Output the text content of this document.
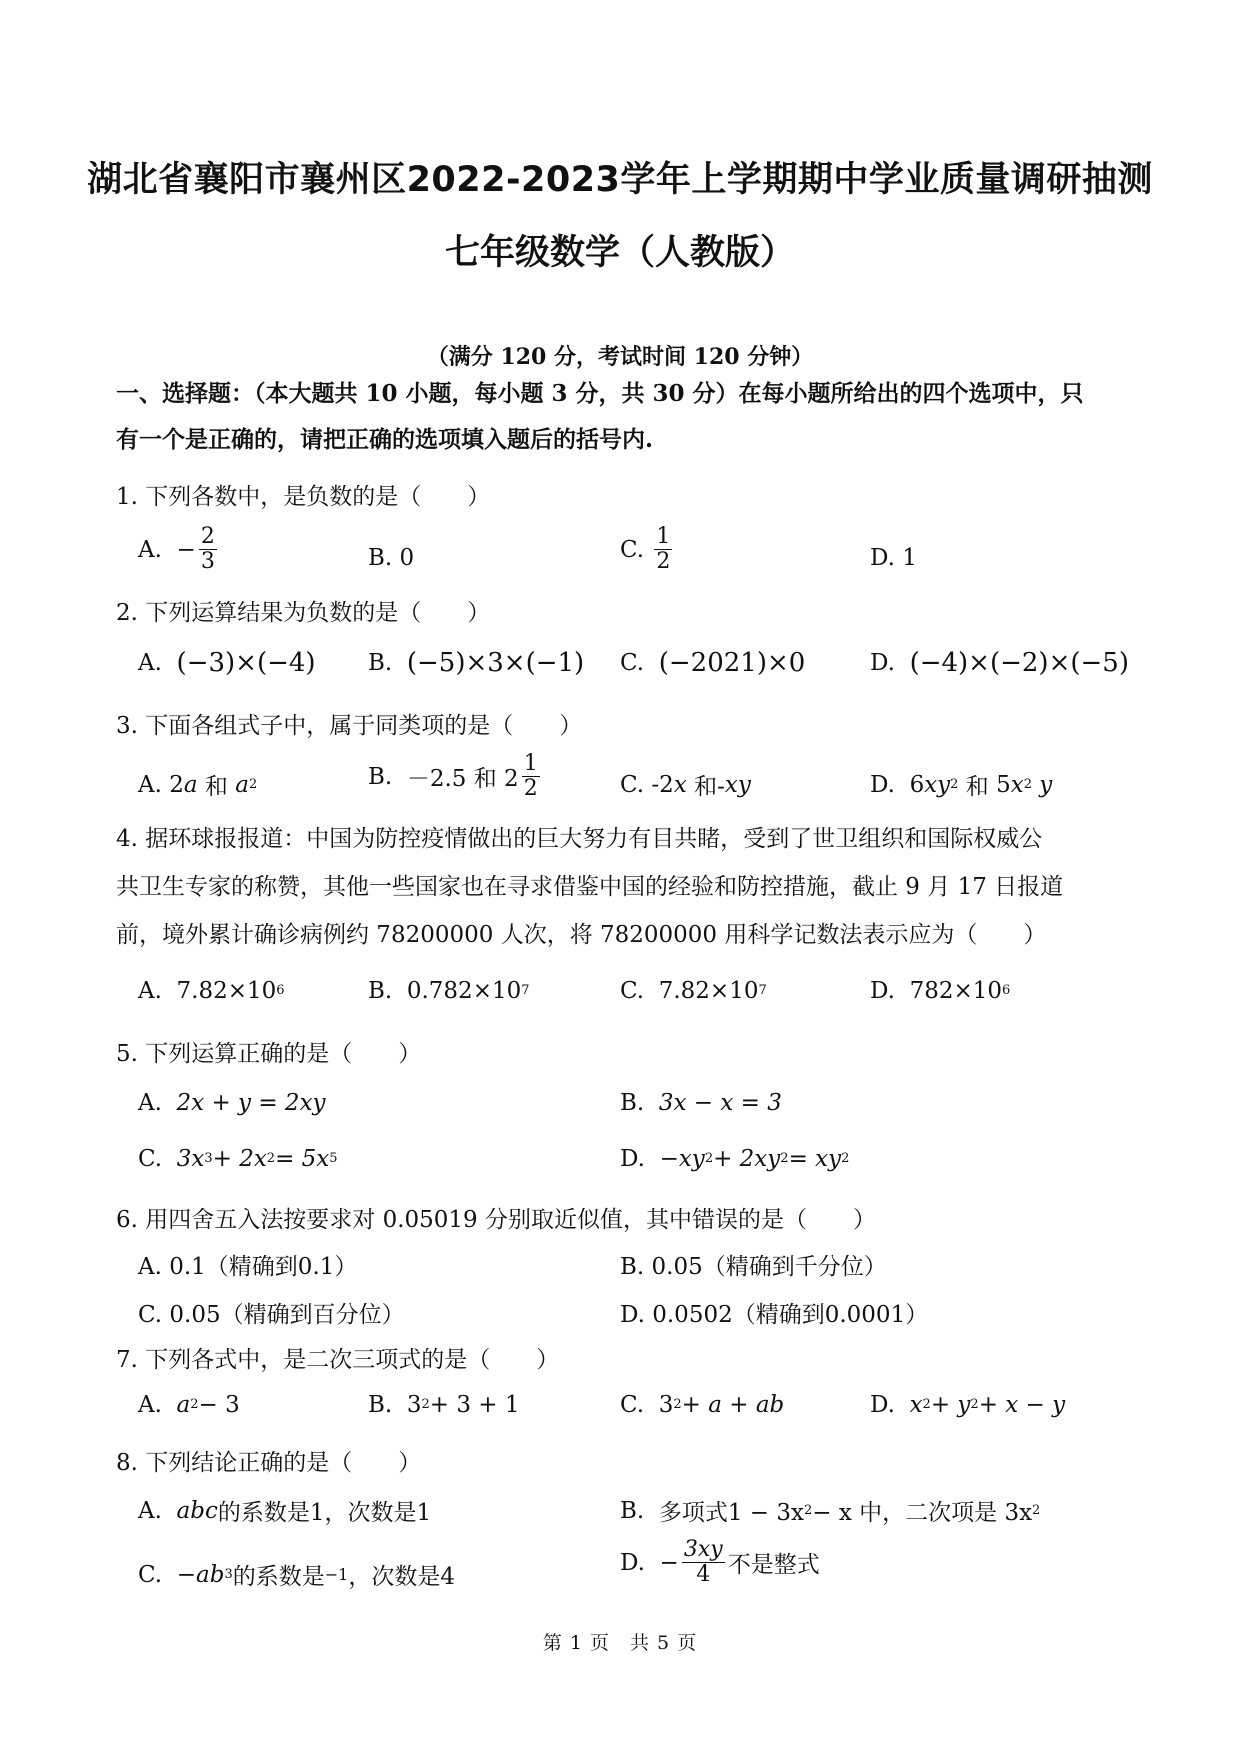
湖北省襄阳市襄州区2022-2023学年上学期期中学业质量调研抽测
七年级数学（人教版）
（满分 120 分，考试时间 120 分钟）
一、选择题：（本大题共 10 小题，每小题 3 分，共 30 分）在每小题所给出的四个选项中，只
有一个是正确的，请把正确的选项填入题后的括号内.
1. 下列各数中，是负数的是（　　）
A. − $\frac{2}{3}$	B. 0	C.
$\frac{1}{2}$	D. 1
2. 下列运算结果为负数的是（　　）
A.
(−3)×(−4) B.
(−5)×3×(−1) C.
(−2021)×0	D.
(−4)×(−2)×(−5)
3. 下面各组式子中，属于同类项的是（　　）
A.
2 a
和
a 2	B.
－2.5 和 $2 \frac{1}{2}$	C.
-2 x
和- xy	D.
6 xy 2
和
5 x 2
y
4. 据环球报报道：中国为防控疫情做出的巨大努力有目共睹，受到了世卫组织和国际权威公
共卫生专家的称赞，其他一些国家也在寻求借鉴中国的经验和防控措施，截止 9 月 17 日报道
前，境外累计确诊病例约 78200000 人次，将 78200000 用科学记数法表示应为（　　）
A.
7.82×10 6	B.
0.782×10 7	C.
7.82×10 7	D.
782×10 6
5. 下列运算正确的是（　　）
A.
2x + y = 2xy	B.
3x − x = 3
C.
3x 3 + 2x 2 = 5x 5	D.
−xy 2 + 2xy 2 = xy 2
6. 用四舍五入法按要求对 0.05019 分别取近似值，其中错误的是（　　）
A. 0.1（精确到0.1）	B. 0.05（精确到千分位）
C. 0.05（精确到百分位）	D. 0.0502（精确到0.0001）
7. 下列各式中，是二次三项式的是（　　）
A.
a 2 − 3	B.
3 2 + 3 + 1	C.
3 2 + a + ab	D.
x 2 + y 2 + x − y
8. 下列结论正确的是（　　）
A.
abc 的系数是1，次数是1	B.
多项式1 − 3x 2 − x 中，二次项是 3x 2
C.
−ab 3 的系数是 −1 ，次数是4
D. − $\frac{3xy}{4}$ 不是整式
第 1 页　共 5 页
